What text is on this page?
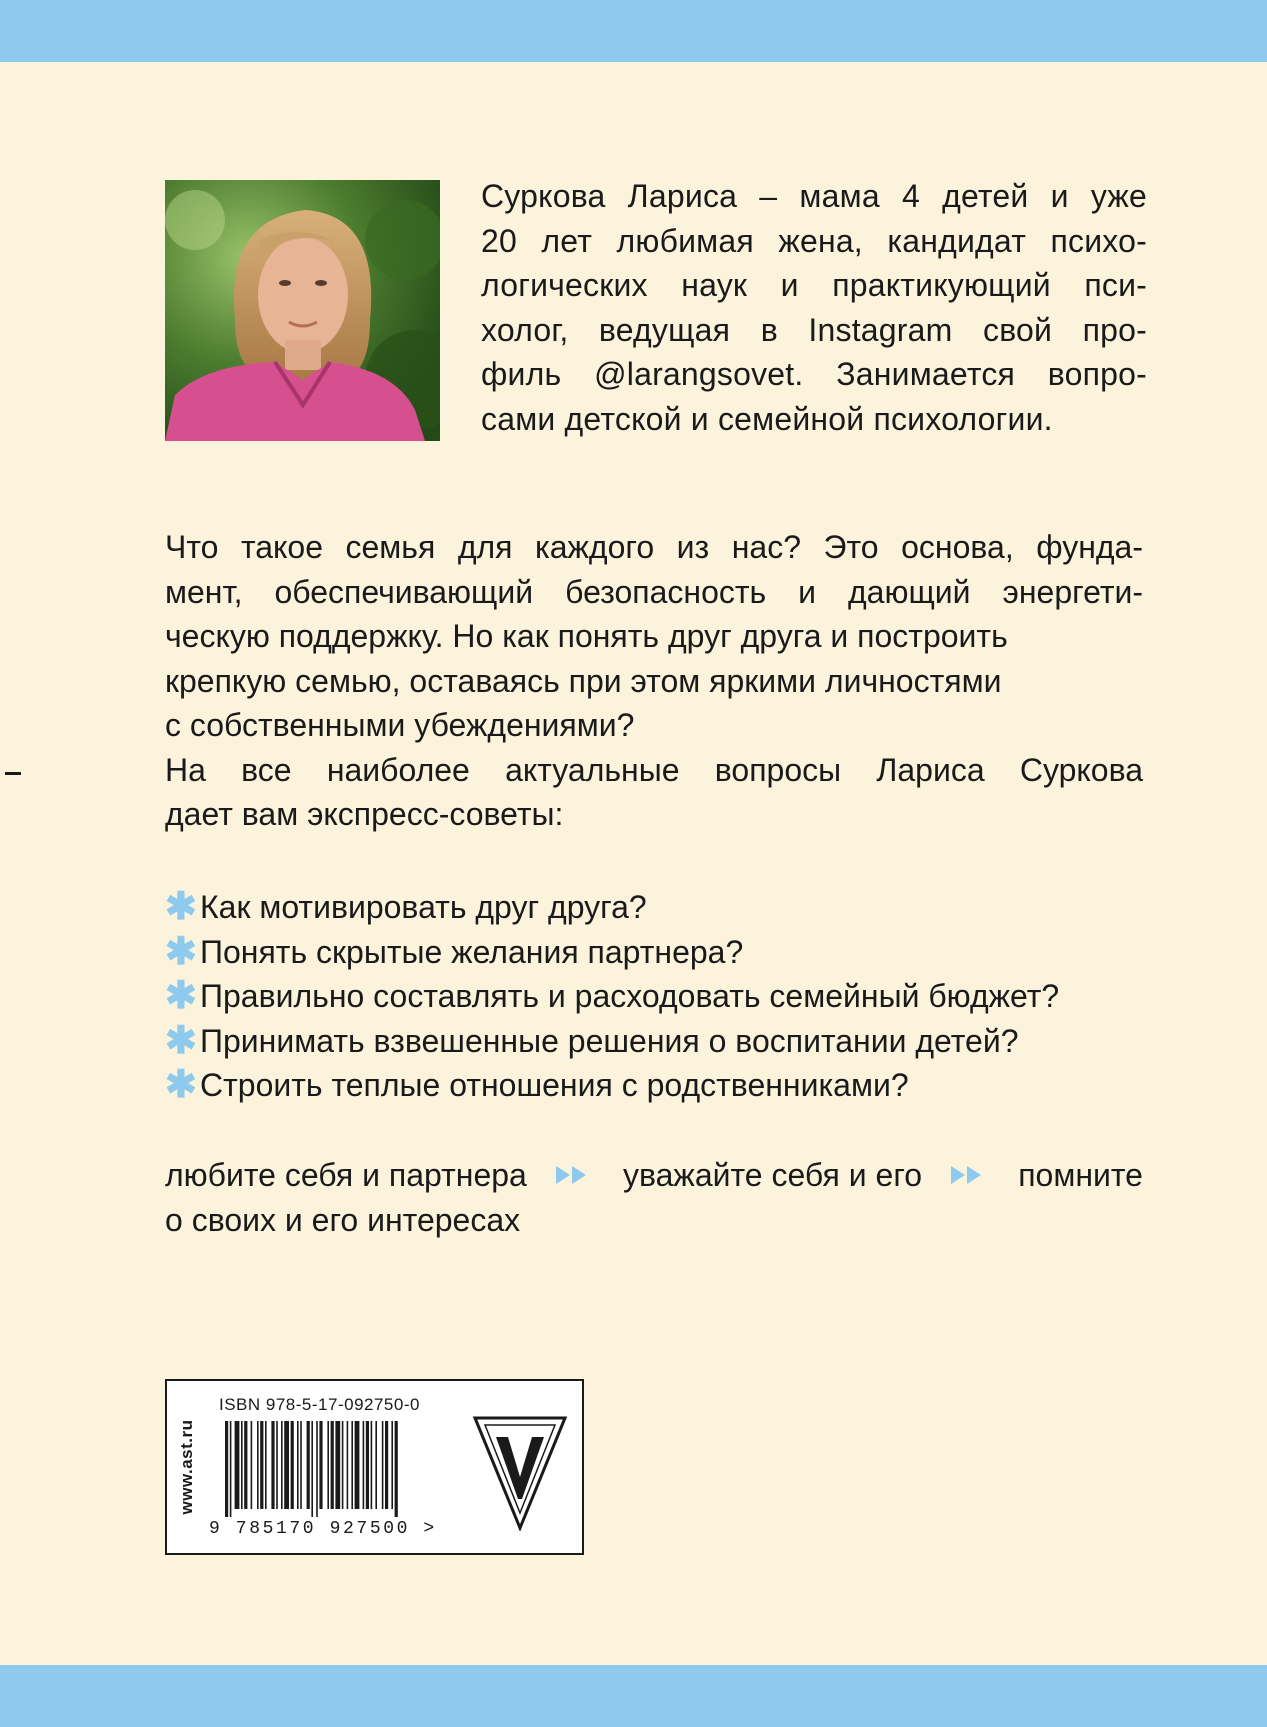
Суркова Лариса – мама 4 детей и уже
20 лет любимая жена, кандидат психо-
логических наук и практикующий пси-
холог, ведущая в Instagram свой про-
филь @larangsovet. Занимается вопро-
сами детской и семейной психологии.
Что такое семья для каждого из нас? Это основа, фунда-
мент, обеспечивающий безопасность и дающий энергети-
ческую поддержку. Но как понять друг друга и построить
крепкую семью, оставаясь при этом яркими личностями
с собственными убеждениями?
На все наиболее актуальные вопросы Лариса Суркова
дает вам экспресс-советы:
✱ Как мотивировать друг друга?
✱ Понять скрытые желания партнера?
✱ Правильно составлять и расходовать семейный бюджет?
✱ Принимать взвешенные решения о воспитании детей?
✱ Строить теплые отношения с родственниками?
любите себя и партнера	уважайте себя и его	помните
о своих и его интересах
www.ast.ru
ISBN 978-5-17-092750-0
9 785170 927500 >
